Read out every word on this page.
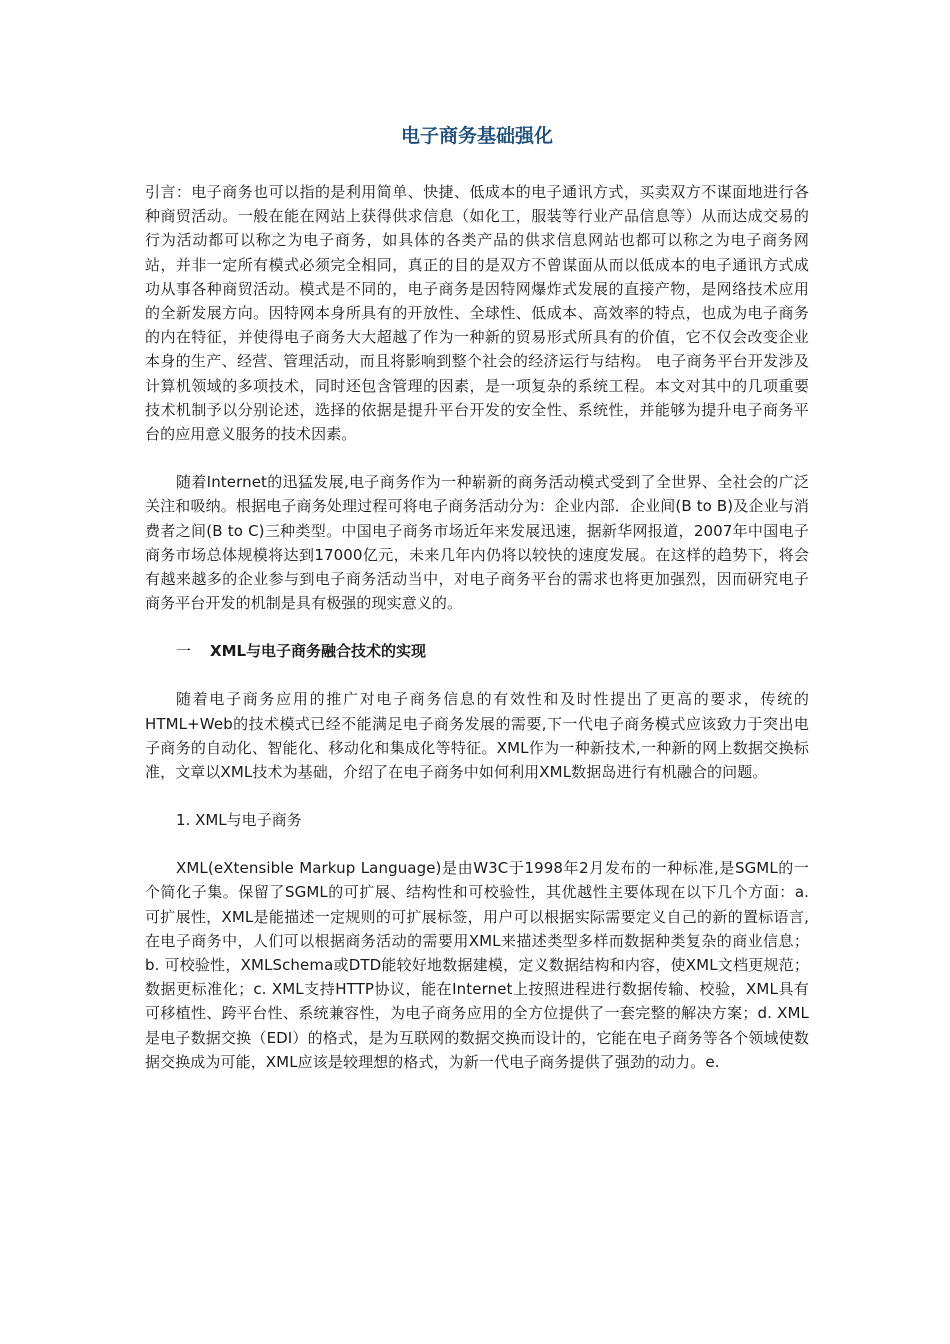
电子商务基础强化

引言：电子商务也可以指的是利用简单、快捷、低成本的电子通讯方式，买卖双方不谋面地进行各种商贸活动。一般在能在网站上获得供求信息（如化工，服装等行业产品信息等）从而达成交易的行为活动都可以称之为电子商务，如具体的各类产品的供求信息网站也都可以称之为电子商务网站，并非一定所有模式必须完全相同，真正的目的是双方不曾谋面从而以低成本的电子通讯方式成功从事各种商贸活动。模式是不同的，电子商务是因特网爆炸式发展的直接产物，是网络技术应用的全新发展方向。因特网本身所具有的开放性、全球性、低成本、高效率的特点，也成为电子商务的内在特征，并使得电子商务大大超越了作为一种新的贸易形式所具有的价值，它不仅会改变企业本身的生产、经营、管理活动，而且将影响到整个社会的经济运行与结构。 电子商务平台开发涉及计算机领域的多项技术，同时还包含管理的因素，是一项复杂的系统工程。本文对其中的几项重要技术机制予以分别论述，选择的依据是提升平台开发的安全性、系统性，并能够为提升电子商务平台的应用意义服务的技术因素。

随着Internet的迅猛发展,电子商务作为一种崭新的商务活动模式受到了全世界、全社会的广泛关注和吸纳。根据电子商务处理过程可将电子商务活动分为：企业内部．企业间(B to B)及企业与消费者之间(B to C)三种类型。中国电子商务市场近年来发展迅速，据新华网报道，2007年中国电子商务市场总体规模将达到17000亿元，未来几年内仍将以较快的速度发展。在这样的趋势下，将会有越来越多的企业参与到电子商务活动当中，对电子商务平台的需求也将更加强烈，因而研究电子商务平台开发的机制是具有极强的现实意义的。

一 XML与电子商务融合技术的实现

随着电子商务应用的推广对电子商务信息的有效性和及时性提出了更高的要求，传统的HTML+Web的技术模式已经不能满足电子商务发展的需要,下一代电子商务模式应该致力于突出电子商务的自动化、智能化、移动化和集成化等特征。XML作为一种新技术,一种新的网上数据交换标准，文章以XML技术为基础，介绍了在电子商务中如何利用XML数据岛进行有机融合的问题。

1. XML与电子商务

XML(eXtensible Markup Language)是由W3C于1998年2月发布的一种标准,是SGML的一个简化子集。保留了SGML的可扩展、结构性和可校验性，其优越性主要体现在以下几个方面：a. 可扩展性，XML是能描述一定规则的可扩展标签，用户可以根据实际需要定义自己的新的置标语言,在电子商务中，人们可以根据商务活动的需要用XML来描述类型多样而数据种类复杂的商业信息；b. 可校验性，XMLSchema或DTD能较好地数据建模，定义数据结构和内容，使XML文档更规范；数据更标准化；c. XML支持HTTP协议，能在Internet上按照进程进行数据传输、校验，XML具有可移植性、跨平台性、系统兼容性，为电子商务应用的全方位提供了一套完整的解决方案；d. XML是电子数据交换（EDI）的格式，是为互联网的数据交换而设计的，它能在电子商务等各个领域使数据交换成为可能，XML应该是较理想的格式，为新一代电子商务提供了强劲的动力。e.
